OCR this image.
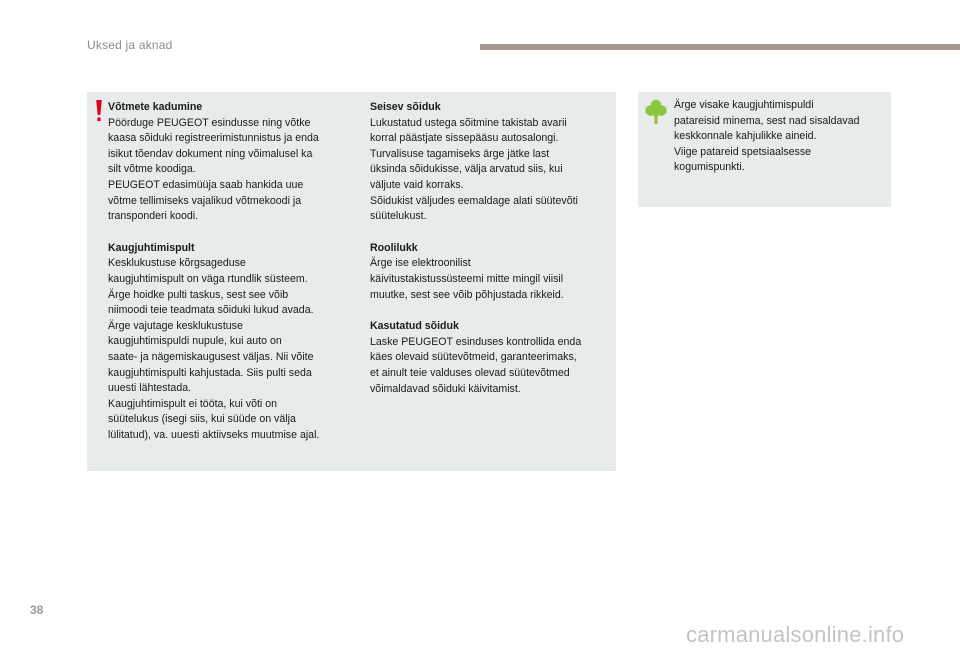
Uksed ja aknad
Võtmete kadumine
Pöörduge PEUGEOT esindusse ning võtke
kaasa sõiduki registreerimistunnistus ja enda
isikut tõendav dokument ning võimalusel ka
silt võtme koodiga.
PEUGEOT edasimüüja saab hankida uue
võtme tellimiseks vajalikud võtmekoodi ja
transponderi koodi.
Kaugjuhtimispult
Kesklukustuse kõrgsageduse
kaugjuhtimispult on väga rtundlik süsteem.
Ärge hoidke pulti taskus, sest see võib
niimoodi teie teadmata sõiduki lukud avada.
Ärge vajutage kesklukustuse
kaugjuhtimispuldi nupule, kui auto on
saate- ja nägemiskaugusest väljas. Nii võite
kaugjuhtimispulti kahjustada. Siis pulti seda
uuesti lähtestada.
Kaugjuhtimispult ei tööta, kui võti on
süütelukus (isegi siis, kui süüde on välja
lülitatud), va. uuesti aktiivseks muutmise ajal.
Seisev sõiduk
Lukustatud ustega sõitmine takistab avarii
korral päästjate sissepääsu autosalongi.
Turvalisuse tagamiseks ärge jätke last
üksinda sõidukisse, välja arvatud siis, kui
väljute vaid korraks.
Sõidukist väljudes eemaldage alati süütevõti
süütelukust.
Roolilukk
Ärge ise elektroonilist
käivitustakistussüsteemi mitte mingil viisil
muutke, sest see võib põhjustada rikkeid.
Kasutatud sõiduk
Laske PEUGEOT esinduses kontrollida enda
käes olevaid süütevõtmeid, garanteerimaks,
et ainult teie valduses olevad süütevõtmed
võimaldavad sõiduki käivitamist.
Ärge visake kaugjuhtimispuldi
patareisid minema, sest nad sisaldavad
keskkonnale kahjulikke aineid.
Viige patareid spetsiaalsesse
kogumispunkti.
38
carmanualsonline.info
